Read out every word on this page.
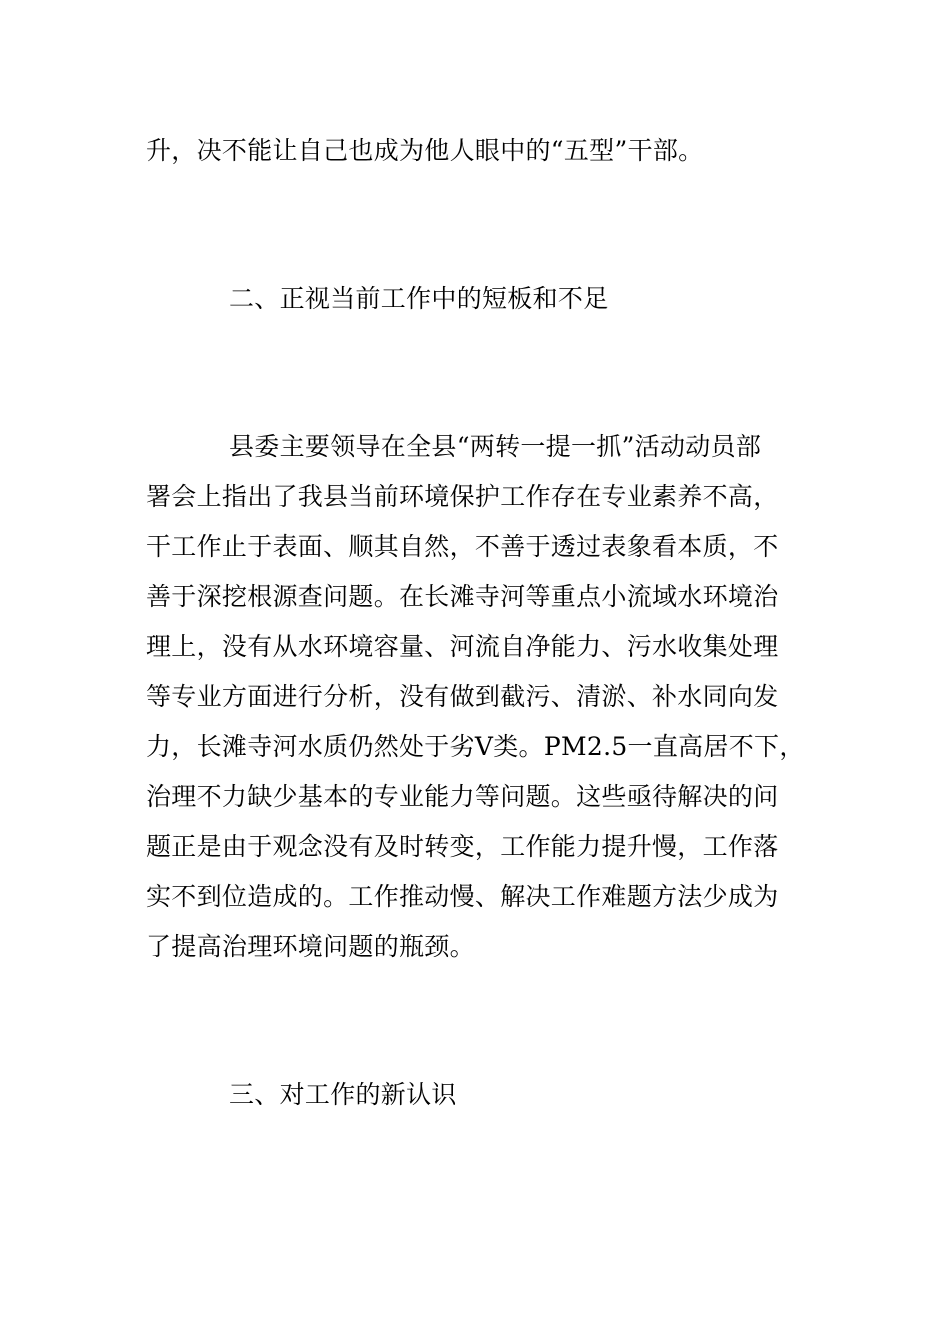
升，决不能让自己也成为他人眼中的“五型”干部。
二、正视当前工作中的短板和不足
县委主要领导在全县“两转一提一抓”活动动员部
署会上指出了我县当前环境保护工作存在专业素养不高，
干工作止于表面、顺其自然，不善于透过表象看本质，不
善于深挖根源查问题。在长滩寺河等重点小流域水环境治
理上，没有从水环境容量、河流自净能力、污水收集处理
等专业方面进行分析，没有做到截污、清淤、补水同向发
力，长滩寺河水质仍然处于劣Ⅴ类。PM2.5一直高居不下，
治理不力缺少基本的专业能力等问题。这些亟待解决的问
题正是由于观念没有及时转变，工作能力提升慢，工作落
实不到位造成的。工作推动慢、解决工作难题方法少成为
了提高治理环境问题的瓶颈。
三、对工作的新认识
